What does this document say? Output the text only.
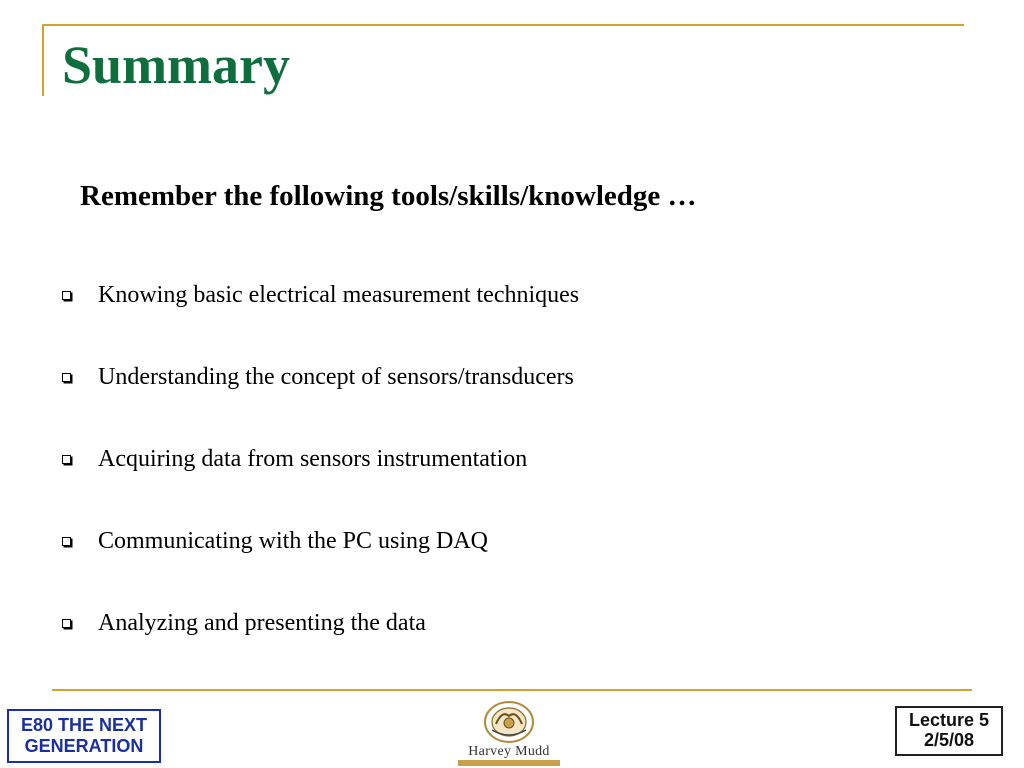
Summary
Remember the following tools/skills/knowledge …
Knowing basic electrical measurement techniques
Understanding the concept of sensors/transducers
Acquiring data from sensors instrumentation
Communicating with the PC using DAQ
Analyzing and presenting the data
E80 THE NEXT
GENERATION	Harvey Mudd
Lecture 5
2/5/08
